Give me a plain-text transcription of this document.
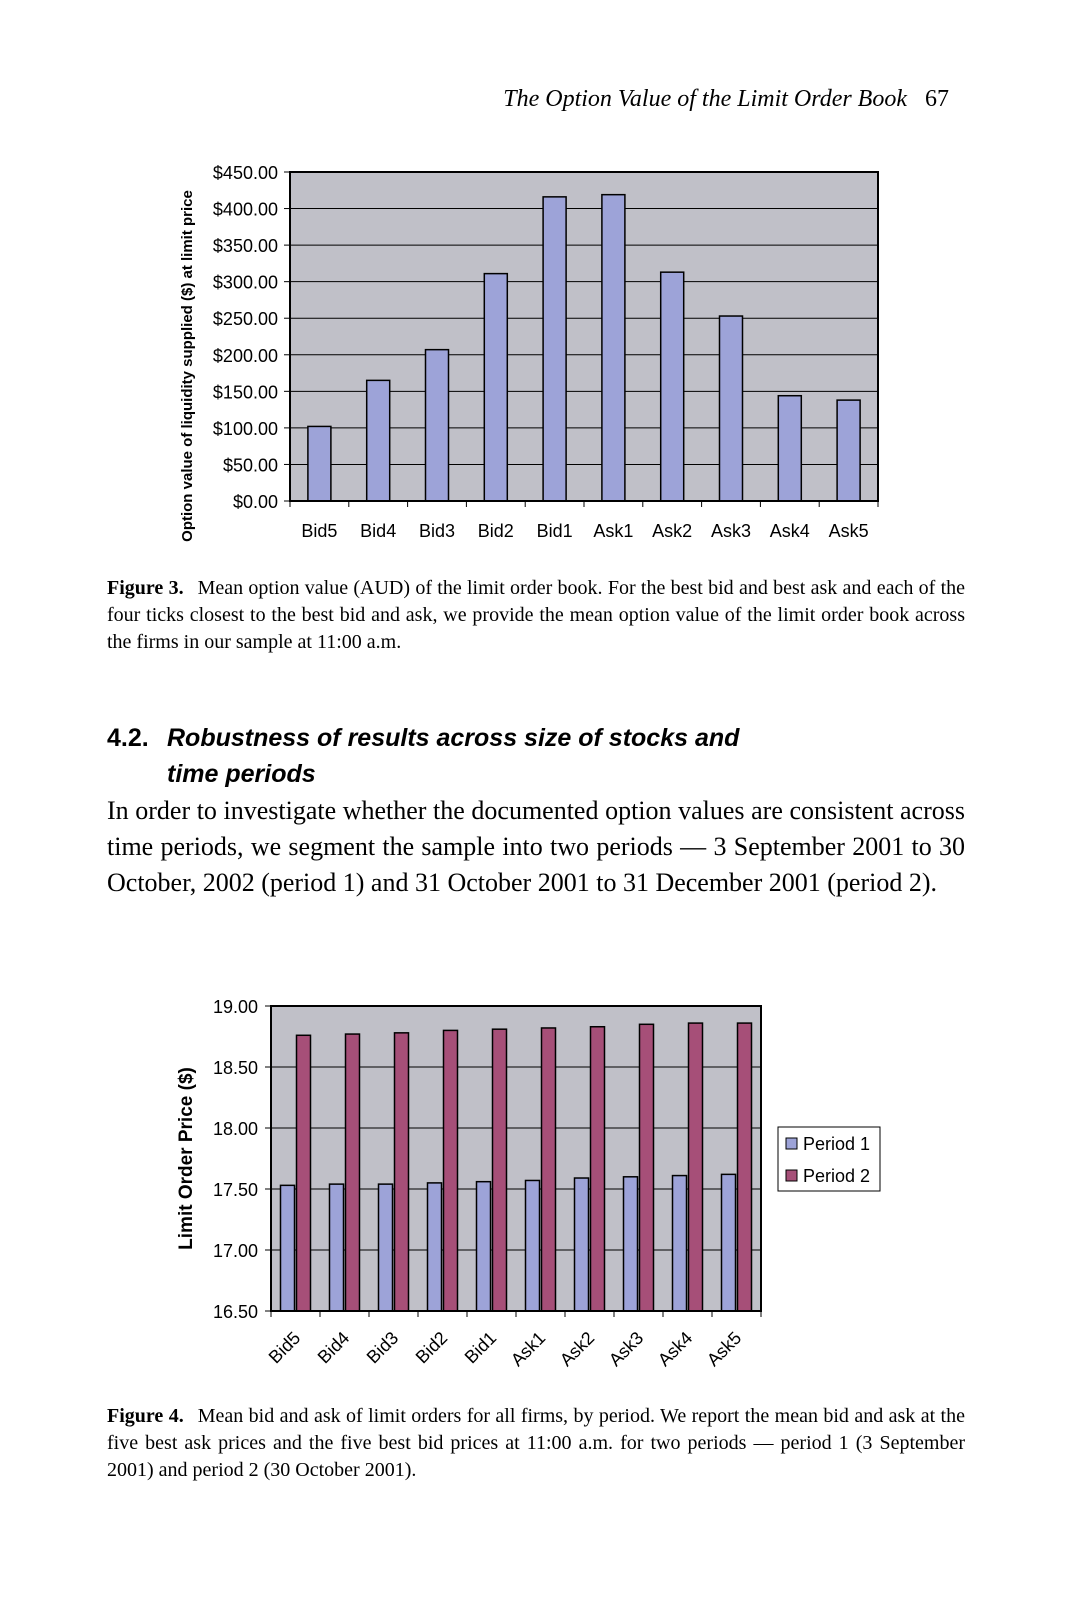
The Option Value of the Limit Order Book 67
$0.00
$50.00
$100.00
$150.00
$200.00
$250.00
$300.00
$350.00
$400.00
$450.00
Bid5 Bid4 Bid3 Bid2 Bid1 Ask1 Ask2 Ask3 Ask4 Ask5
Option value of liquidity supplied ($) at limit price
Figure 3. Mean option value (AUD) of the limit order book. For the best bid and best ask and each of the four ticks closest to the best bid and ask, we provide the mean option value of the limit order book across the firms in our sample at 11:00 a.m.
4.2. Robustness of results across size of stocks and time periods
In order to investigate whether the documented option values are consistent across time periods, we segment the sample into two periods — 3 September 2001 to 30 October, 2002 (period 1) and 31 October 2001 to 31 December 2001 (period 2).
16.50
17.00
17.50
18.00
18.50
19.00
Bid5 Bid4 Bid3 Bid2 Bid1 Ask1 Ask2 Ask3 Ask4 Ask5
Limit Order Price ($)	Period 1
Period 2
Figure 4. Mean bid and ask of limit orders for all firms, by period. We report the mean bid and ask at the five best ask prices and the five best bid prices at 11:00 a.m. for two periods — period 1 (3 September 2001) and period 2 (30 October 2001).
